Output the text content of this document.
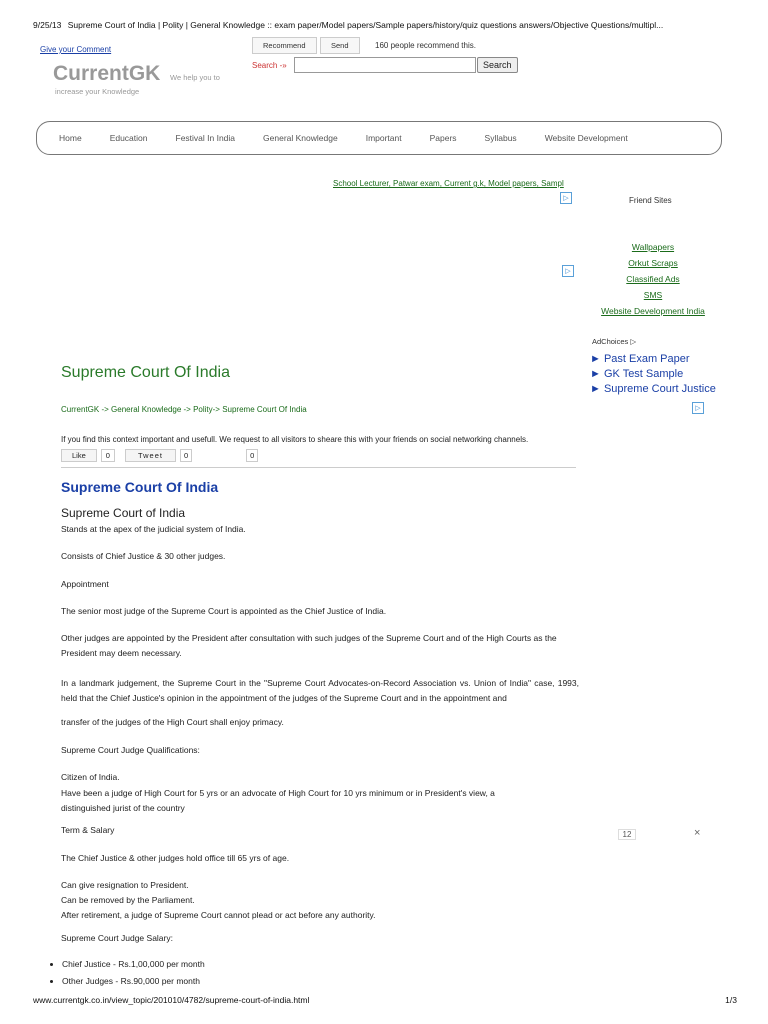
9/25/13 Supreme Court of India | Polity | General Knowledge :: exam paper/Model papers/Sample papers/history/quiz questions answers/Objective Questions/multipl...
Give your Comment	Recommend	Send	160 people recommend this.
Search -»	Search
CurrentGK We help you to
increase your Knowledge
Home	Education	Festival In India	General Knowledge	Important	Papers	Syllabus	Website Development
School Lecturer, Patwar exam, Current g.k, Model papers, Sampl
▷
▷
Friend Sites
Wallpapers
Orkut Scraps
Classified Ads
SMS
Website Development India
AdChoices ▷
► Past Exam Paper
► GK Test Sample
► Supreme Court Justice
▷
12	×
Supreme Court Of India
CurrentGK -> General Knowledge -> Polity-> Supreme Court Of India
If you find this context important and usefull. We request to all visitors to sheare this with your friends on social networking channels.
Like	0	Tweet	0	0
Supreme Court Of India
Supreme Court of India

Stands at the apex of the judicial system of India.

Consists of Chief Justice & 30 other judges.

Appointment

The senior most judge of the Supreme Court is appointed as the Chief Justice of India.

Other judges are appointed by the President after consultation with such judges of the Supreme Court and of the High Courts as the President may deem necessary.

In a landmark judgement, the Supreme Court in the "Supreme Court Advocates-on-Record Association vs. Union of India" case, 1993, held that the Chief Justice's opinion in the appointment of the judges of the Supreme Court and in the appointment and

transfer of the judges of the High Court shall enjoy primacy.

Supreme Court Judge Qualifications:

Citizen of India.

Have been a judge of High Court for 5 yrs or an advocate of High Court for 10 yrs minimum or in President's view, a distinguished jurist of the country

Term & Salary

The Chief Justice & other judges hold office till 65 yrs of age.

Can give resignation to President.

Can be removed by the Parliament.

After retirement, a judge of Supreme Court cannot plead or act before any authority.

Supreme Court Judge Salary:

• Chief Justice - Rs.1,00,000 per month
• Other Judges - Rs.90,000 per month
www.currentgk.co.in/view_topic/201010/4782/supreme-court-of-india.html	1/3
